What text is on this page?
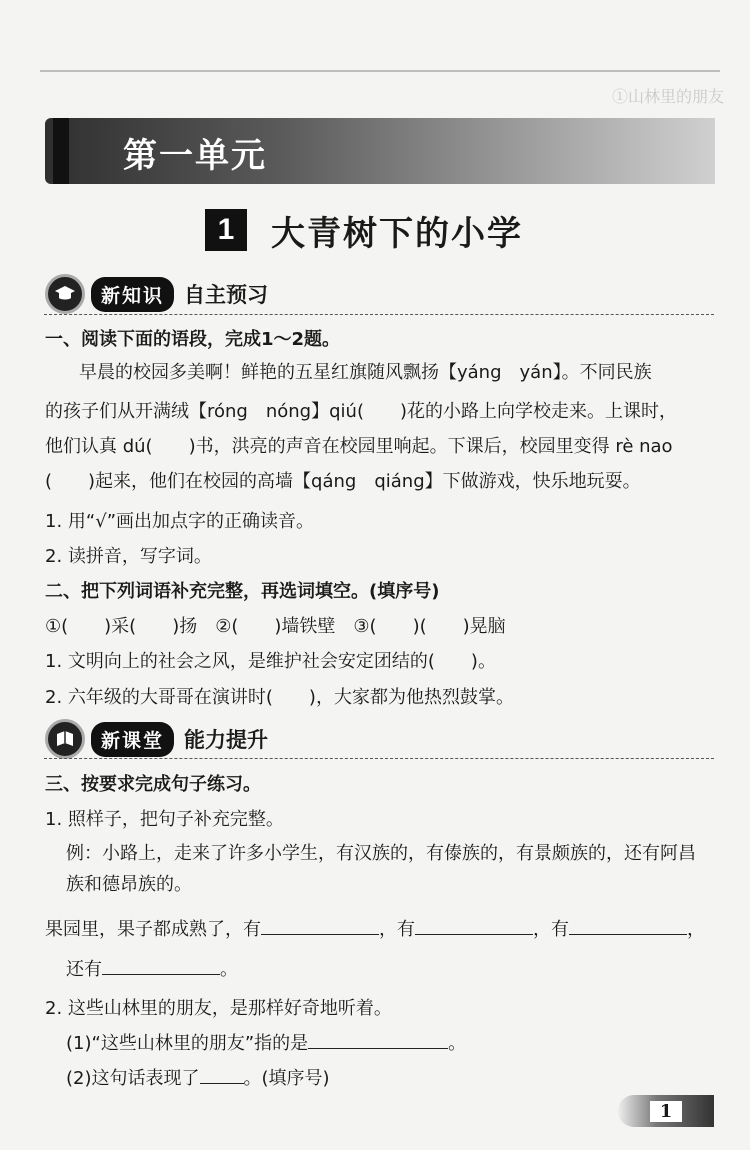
①山林里的朋友
第一单元
1	大青树下的小学
新知识 自主预习
一、阅读下面的语段，完成1～2题。
早晨的校园多美啊！鲜艳的五星红旗随风飘扬【yáng　yán】。不同民族
的孩子们从开满绒【róng　nóng】qiú(　　)花的小路上向学校走来。上课时，
他们认真 dú(　　)书，洪亮的声音在校园里响起。下课后，校园里变得 rè nao
(　　)起来，他们在校园的高墙【qáng　qiáng】下做游戏，快乐地玩耍。
1. 用“√”画出加点字的正确读音。
2. 读拼音，写字词。
二、把下列词语补充完整，再选词填空。(填序号)
①(　　)采(　　)扬　②(　　)墙铁壁　③(　　)(　　)晃脑
1. 文明向上的社会之风，是维护社会安定团结的(　　)。
2. 六年级的大哥哥在演讲时(　　)，大家都为他热烈鼓掌。
新课堂 能力提升
三、按要求完成句子练习。
1. 照样子，把句子补充完整。
例：小路上，走来了许多小学生，有汉族的，有傣族的，有景颇族的，还有阿昌
族和德昂族的。
果园里，果子都成熟了，有	，有	，有	，
还有	。
2. 这些山林里的朋友，是那样好奇地听着。
(1)“这些山林里的朋友”指的是	。
(2)这句话表现了 。(填序号)
1
